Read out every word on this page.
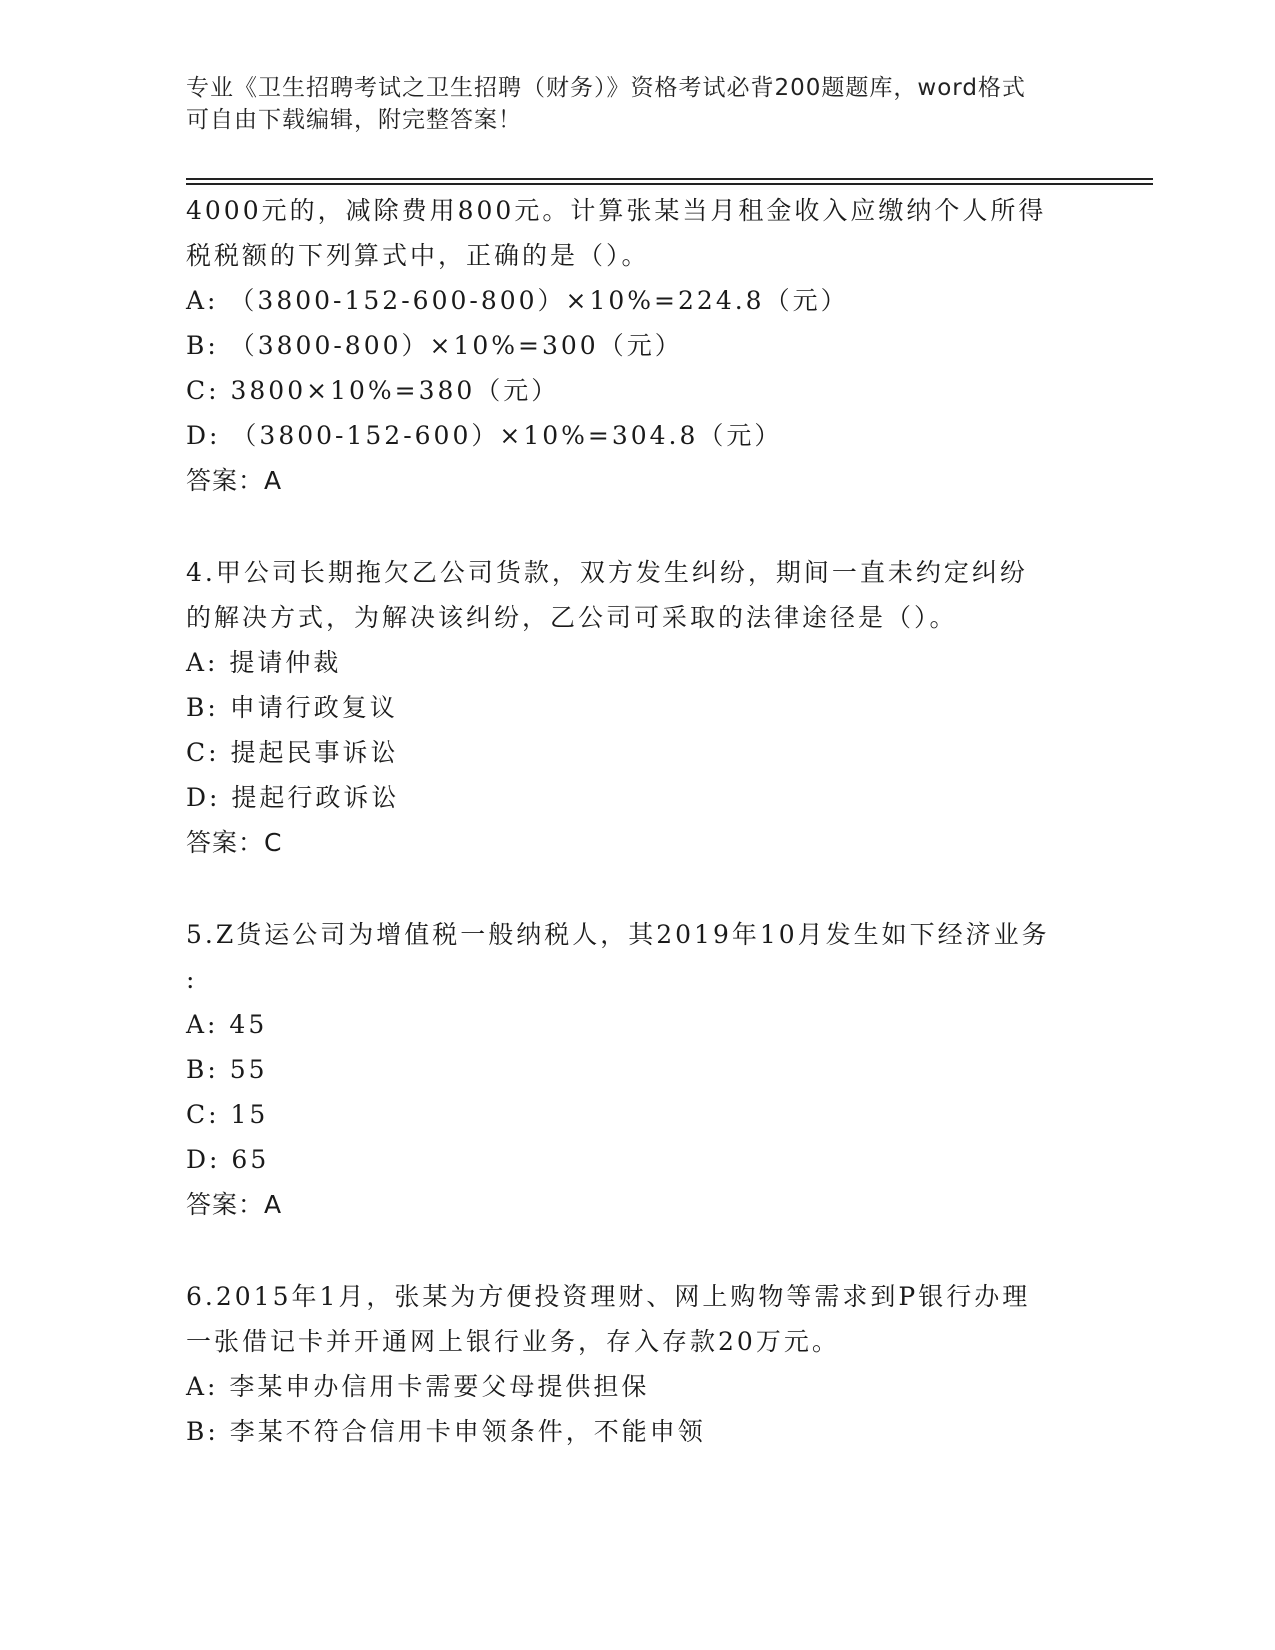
专业《卫生招聘考试之卫生招聘（财务）》资格考试必背200题题库，word格式
可自由下载编辑，附完整答案！
4000元的，减除费用800元。计算张某当月租金收入应缴纳个人所得
税税额的下列算式中，正确的是（）。
A: （3800-152-600-800）×10%=224.8（元）
B: （3800-800）×10%=300（元）
C: 3800×10%=380（元）
D: （3800-152-600）×10%=304.8（元）
答案：A
4.甲公司长期拖欠乙公司货款，双方发生纠纷，期间一直未约定纠纷
的解决方式，为解决该纠纷，乙公司可采取的法律途径是（）。
A: 提请仲裁
B: 申请行政复议
C: 提起民事诉讼
D: 提起行政诉讼
答案：C
5.Z货运公司为增值税一般纳税人，其2019年10月发生如下经济业务
:
A: 45
B: 55
C: 15
D: 65
答案：A
6.2015年1月，张某为方便投资理财、网上购物等需求到P银行办理
一张借记卡并开通网上银行业务，存入存款20万元。
A: 李某申办信用卡需要父母提供担保
B: 李某不符合信用卡申领条件，不能申领
